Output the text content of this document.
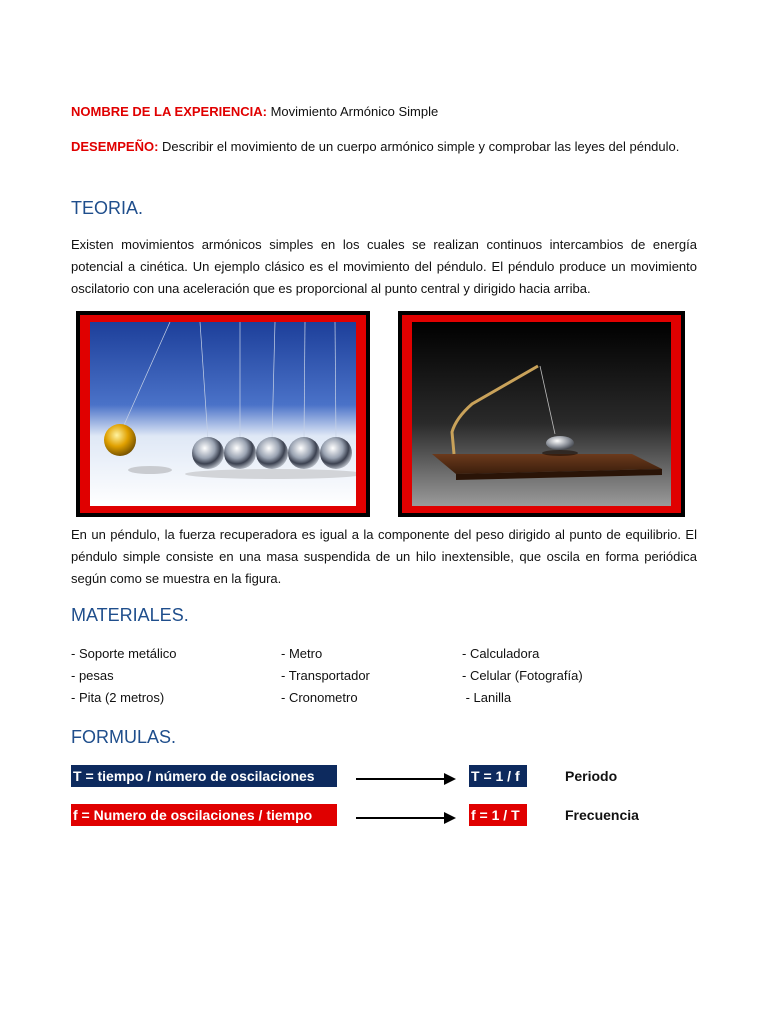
NOMBRE DE LA EXPERIENCIA: Movimiento Armónico Simple
DESEMPEÑO: Describir el movimiento de un cuerpo armónico simple y comprobar las leyes del péndulo.
TEORIA.
Existen movimientos armónicos simples en los cuales se realizan continuos intercambios de energía potencial a cinética. Un ejemplo clásico es el movimiento del péndulo. El péndulo produce un movimiento oscilatorio con una aceleración que es proporcional al punto central y dirigido hacia arriba.
En un péndulo, la fuerza recuperadora es igual a la componente del peso dirigido al punto de equilibrio. El péndulo simple consiste en una masa suspendida de un hilo inextensible, que oscila en forma periódica según como se muestra en la figura.
MATERIALES.
- Soporte metálico
- pesas
- Pita (2 metros)
- Metro
- Transportador
- Cronometro
- Calculadora
- Celular (Fotografía)
- Lanilla
FORMULAS.
T = tiempo / número de oscilaciones	T = 1 / f	Periodo
f = Numero de oscilaciones / tiempo	f = 1 / T	Frecuencia
